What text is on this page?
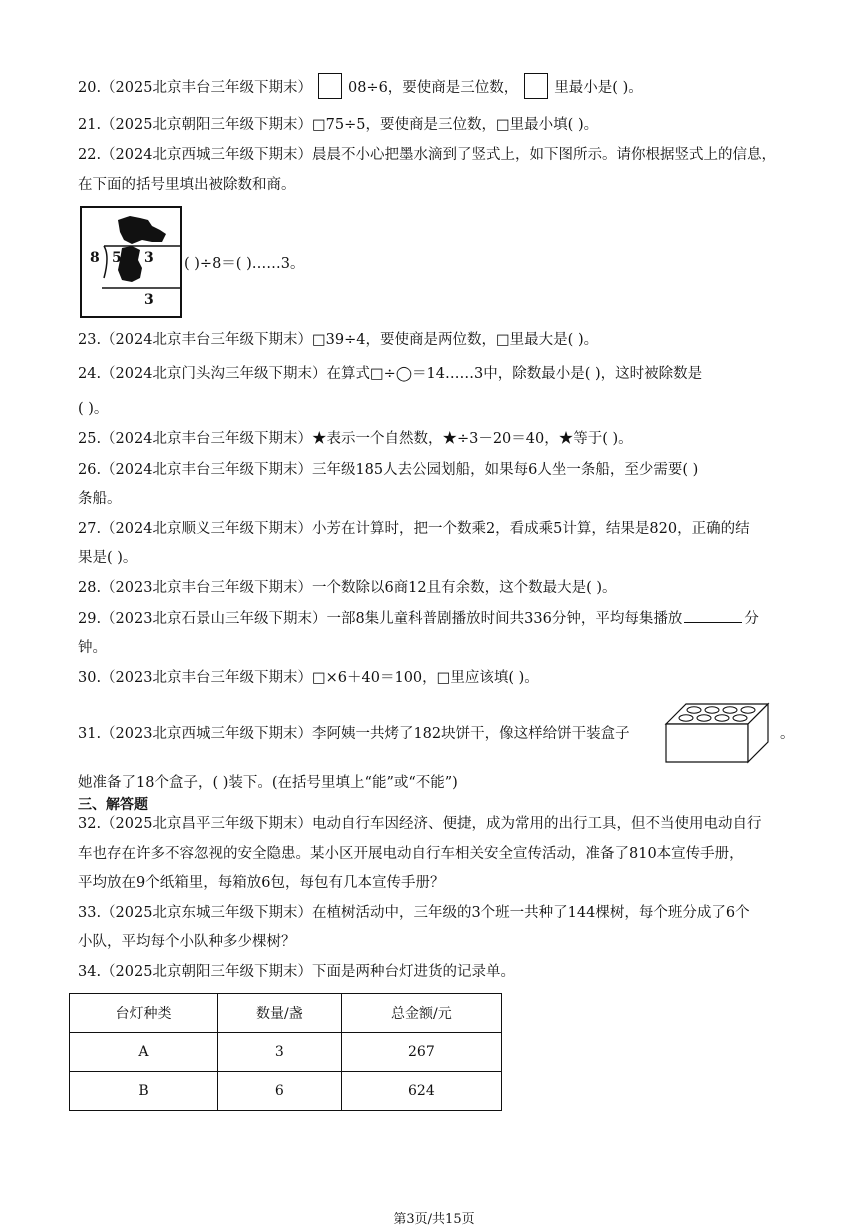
20.（2025北京丰台三年级下期末） 08÷6，要使商是三位数， 里最小是( )。
21.（2025北京朝阳三年级下期末）□75÷5，要使商是三位数，□里最小填( )。
22.（2024北京西城三年级下期末）晨晨不小心把墨水滴到了竖式上，如下图所示。请你根据竖式上的信息，
在下面的括号里填出被除数和商。
8 5 3
3
( )÷8＝( )……3。
23.（2024北京丰台三年级下期末）□39÷4，要使商是两位数，□里最大是( )。
24.（2024北京门头沟三年级下期末）在算式□÷◯＝14……3中，除数最小是( )，这时被除数是
( )。
25.（2024北京丰台三年级下期末）★表示一个自然数，★÷3－20＝40，★等于( )。
26.（2024北京丰台三年级下期末）三年级185人去公园划船，如果每6人坐一条船，至少需要( )
条船。
27.（2024北京顺义三年级下期末）小芳在计算时，把一个数乘2，看成乘5计算，结果是820，正确的结
果是( )。
28.（2023北京丰台三年级下期末）一个数除以6商12且有余数，这个数最大是( )。
29.（2023北京石景山三年级下期末）一部8集儿童科普剧播放时间共336分钟，平均每集播放	分
钟。
30.（2023北京丰台三年级下期末）□×6＋40＝100，□里应该填( )。
31.（2023北京西城三年级下期末）李阿姨一共烤了182块饼干，像这样给饼干装盒子	。
她准备了18个盒子，( )装下。(在括号里填上“能”或“不能”)
三、解答题
32.（2025北京昌平三年级下期末）电动自行车因经济、便捷，成为常用的出行工具，但不当使用电动自行
车也存在许多不容忽视的安全隐患。某小区开展电动自行车相关安全宣传活动，准备了810本宣传手册，
平均放在9个纸箱里，每箱放6包，每包有几本宣传手册？
33.（2025北京东城三年级下期末）在植树活动中，三年级的3个班一共种了144棵树，每个班分成了6个
小队，平均每个小队种多少棵树？
34.（2025北京朝阳三年级下期末）下面是两种台灯进货的记录单。
台灯种类	数量/盏	总金额/元
A	3	267
B	6	624
第3页/共15页
